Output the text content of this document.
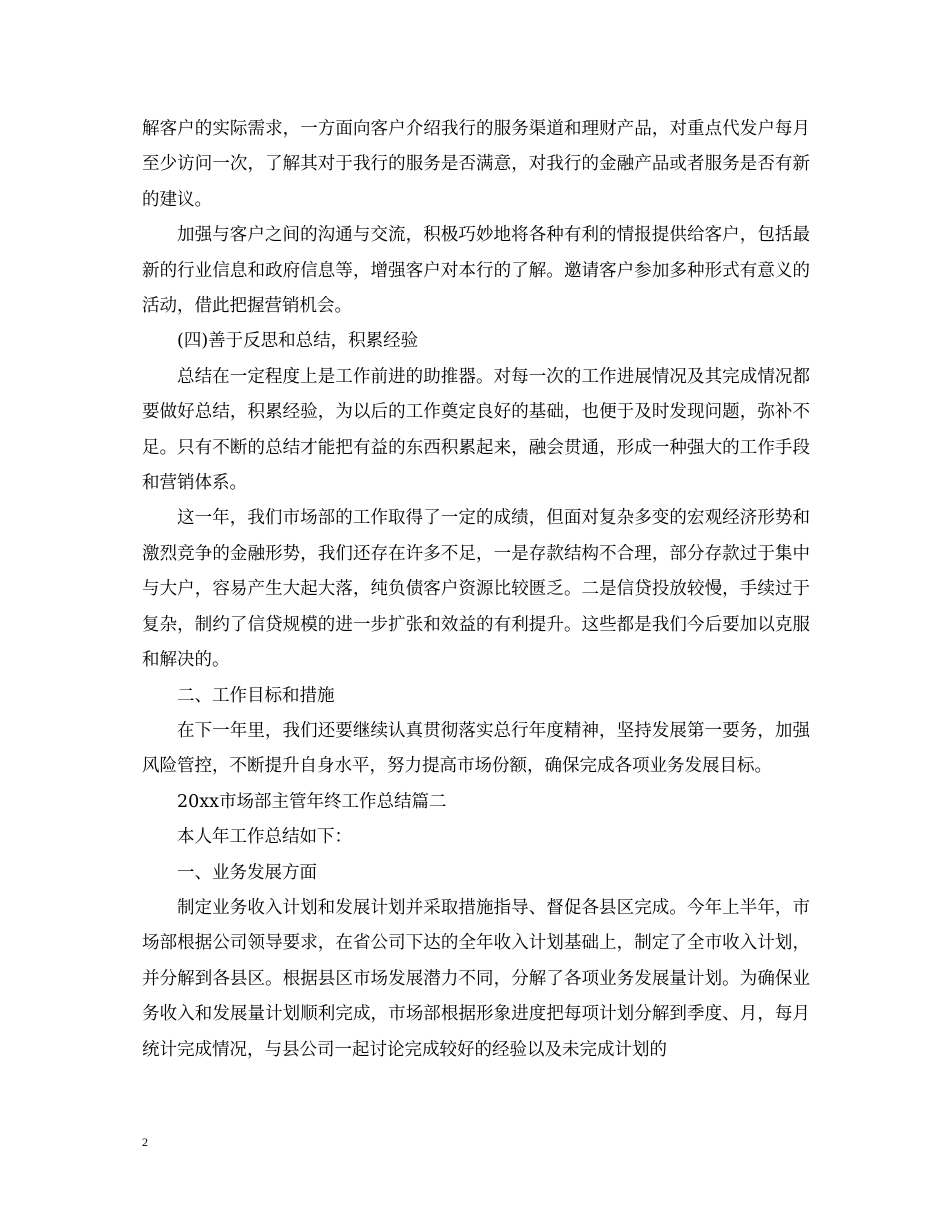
解客户的实际需求，一方面向客户介绍我行的服务渠道和理财产品，对重点代发户每月至少访问一次，了解其对于我行的服务是否满意，对我行的金融产品或者服务是否有新的建议。

加强与客户之间的沟通与交流，积极巧妙地将各种有利的情报提供给客户，包括最新的行业信息和政府信息等，增强客户对本行的了解。邀请客户参加多种形式有意义的活动，借此把握营销机会。

(四)善于反思和总结，积累经验

总结在一定程度上是工作前进的助推器。对每一次的工作进展情况及其完成情况都要做好总结，积累经验，为以后的工作奠定良好的基础，也便于及时发现问题，弥补不足。只有不断的总结才能把有益的东西积累起来，融会贯通，形成一种强大的工作手段和营销体系。

这一年，我们市场部的工作取得了一定的成绩，但面对复杂多变的宏观经济形势和激烈竞争的金融形势，我们还存在许多不足，一是存款结构不合理，部分存款过于集中与大户，容易产生大起大落，纯负债客户资源比较匮乏。二是信贷投放较慢，手续过于复杂，制约了信贷规模的进一步扩张和效益的有利提升。这些都是我们今后要加以克服和解决的。

二、工作目标和措施

在下一年里，我们还要继续认真贯彻落实总行年度精神，坚持发展第一要务，加强风险管控，不断提升自身水平，努力提高市场份额，确保完成各项业务发展目标。

20xx市场部主管年终工作总结篇二

本人年工作总结如下：

一、业务发展方面

制定业务收入计划和发展计划并采取措施指导、督促各县区完成。今年上半年，市场部根据公司领导要求，在省公司下达的全年收入计划基础上，制定了全市收入计划，并分解到各县区。根据县区市场发展潜力不同，分解了各项业务发展量计划。为确保业务收入和发展量计划顺利完成，市场部根据形象进度把每项计划分解到季度、月，每月统计完成情况，与县公司一起讨论完成较好的经验以及未完成计划的

2
